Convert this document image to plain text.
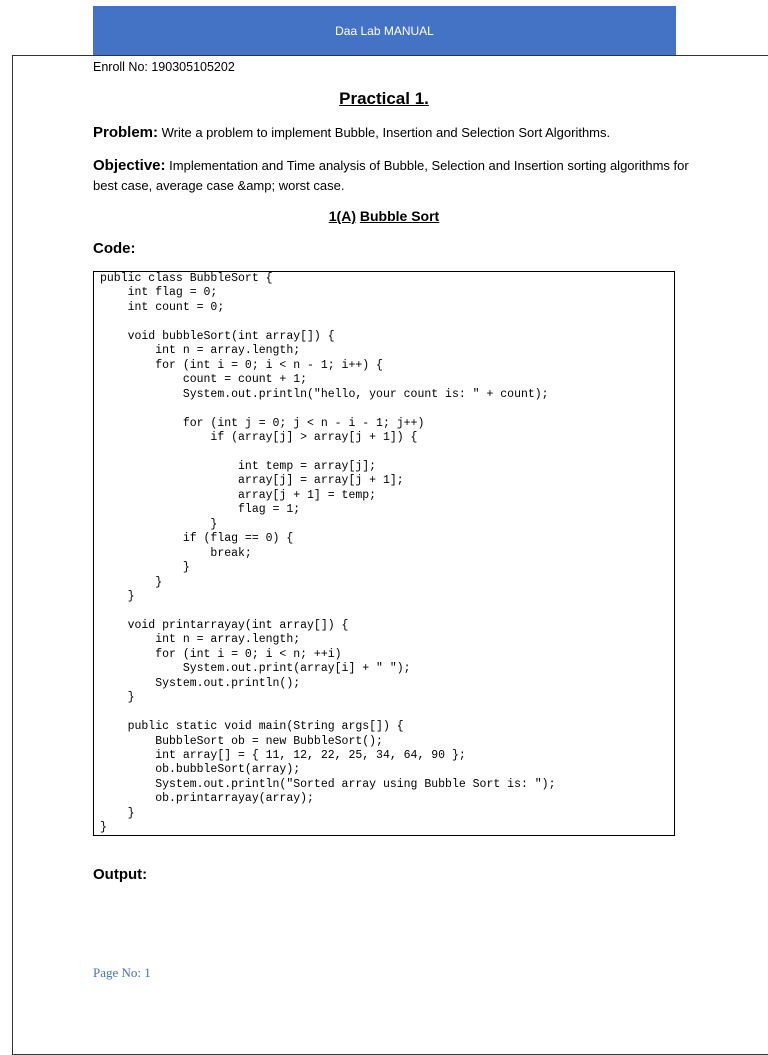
Daa Lab MANUAL
Enroll No: 190305105202
Practical 1.
Problem: Write a problem to implement Bubble, Insertion and Selection Sort Algorithms.
Objective: Implementation and Time analysis of Bubble, Selection and Insertion sorting algorithms for best case, average case &amp; worst case.
1(A) Bubble Sort
Code:
public class BubbleSort {
int flag = 0;
int count = 0;

void bubbleSort(int array[]) {
int n = array.length;
for (int i = 0; i < n - 1; i++) {
count = count + 1;
System.out.println("hello, your count is: " + count);

for (int j = 0; j < n - i - 1; j++)
if (array[j] > array[j + 1]) {

int temp = array[j];
array[j] = array[j + 1];
array[j + 1] = temp;
flag = 1;
}
if (flag == 0) {
break;
}
}
}

void printarrayay(int array[]) {
int n = array.length;
for (int i = 0; i < n; ++i)
System.out.print(array[i] + " ");
System.out.println();
}

public static void main(String args[]) {
BubbleSort ob = new BubbleSort();
int array[] = { 11, 12, 22, 25, 34, 64, 90 };
ob.bubbleSort(array);
System.out.println("Sorted array using Bubble Sort is: ");
ob.printarrayay(array);
}
}
Output:
Page No: 1
